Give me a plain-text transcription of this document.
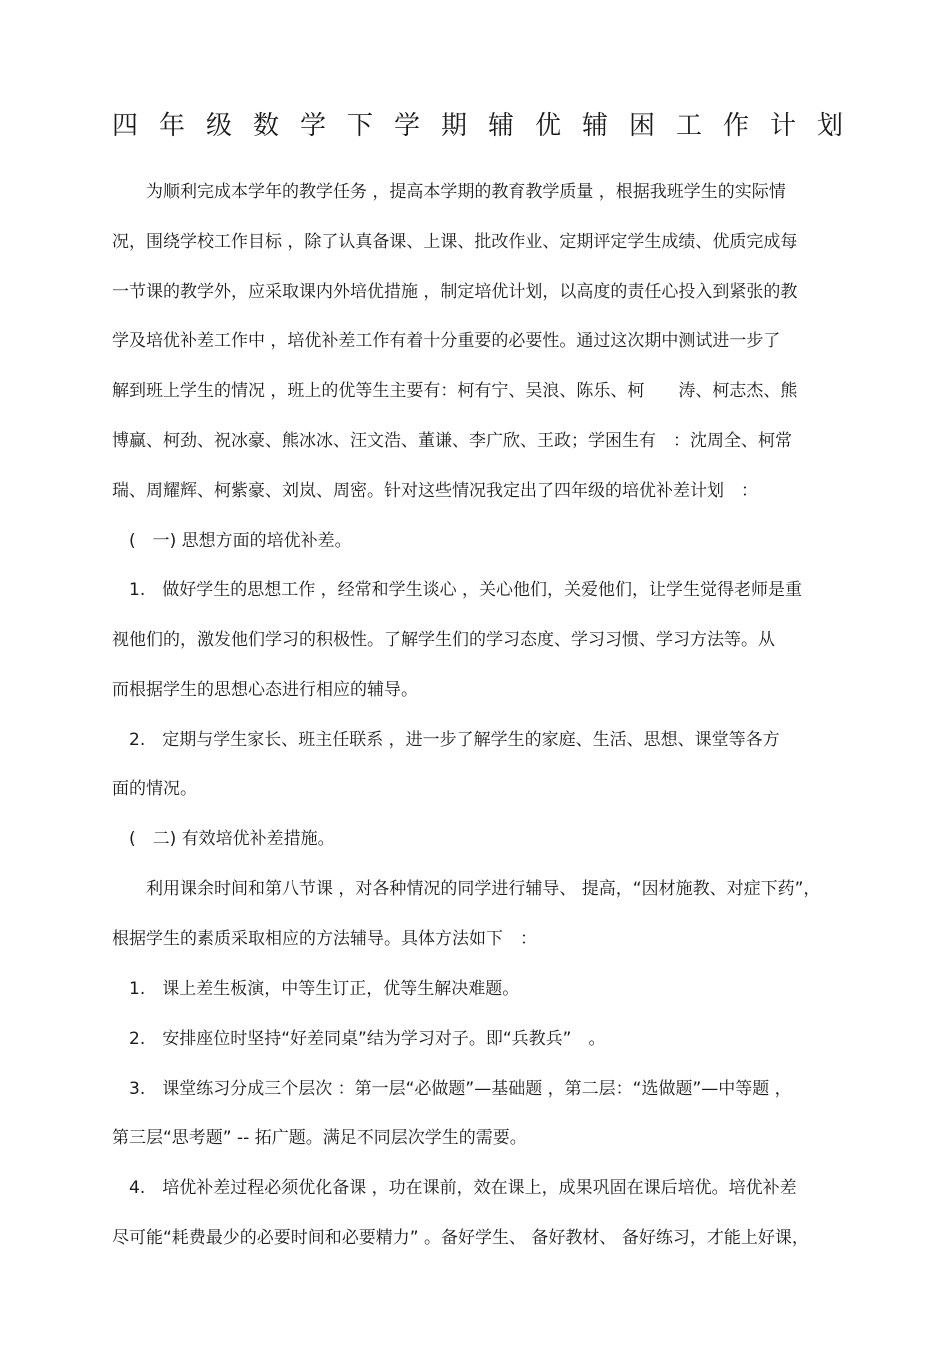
四年级数学下学期辅优辅困工作计划
　　为顺利完成本学年的教学任务 ，提高本学期的教育教学质量 ，根据我班学生的实际情
况，围绕学校工作目标 ，除了认真备课、上课、批改作业、定期评定学生成绩、优质完成每
一节课的教学外，应采取课内外培优措施 ，制定培优计划，以高度的责任心投入到紧张的教
学及培优补差工作中 ，培优补差工作有着十分重要的必要性。通过这次期中测试进一步了
解到班上学生的情况 ，班上的优等生主要有：柯有宁、吴浪、陈乐、柯　　涛、柯志杰、熊
博赢、柯劲、祝冰豪、熊冰冰、汪文浩、董谦、李广欣、王政；学困生有　：沈周全、柯常
瑞、周耀辉、柯紫豪、刘岚、周密。针对这些情况我定出了四年级的培优补差计划　：
　(　一) 思想方面的培优补差。
　1.　做好学生的思想工作 ，经常和学生谈心 ，关心他们，关爱他们，让学生觉得老师是重
视他们的，激发他们学习的积极性。了解学生们的学习态度、学习习惯、学习方法等。从
而根据学生的思想心态进行相应的辅导。
　2.　定期与学生家长、班主任联系 ，进一步了解学生的家庭、生活、思想、课堂等各方
面的情况。
　(　二) 有效培优补差措施。
　　利用课余时间和第八节课 ，对各种情况的同学进行辅导、 提高，“因材施教、对症下药”，
根据学生的素质采取相应的方法辅导。具体方法如下　：
　1.　课上差生板演，中等生订正，优等生解决难题。
　2.　安排座位时坚持“好差同桌”结为学习对子。即“兵教兵”　。
　3.　课堂练习分成三个层次 ：第一层“必做题”—基础题 ，第二层：“选做题”—中等题 ，
第三层“思考题” -- 拓广题。满足不同层次学生的需要。
　4.　培优补差过程必须优化备课 ，功在课前，效在课上，成果巩固在课后培优。培优补差
尽可能“耗费最少的必要时间和必要精力” 。备好学生、 备好教材、 备好练习，才能上好课，
